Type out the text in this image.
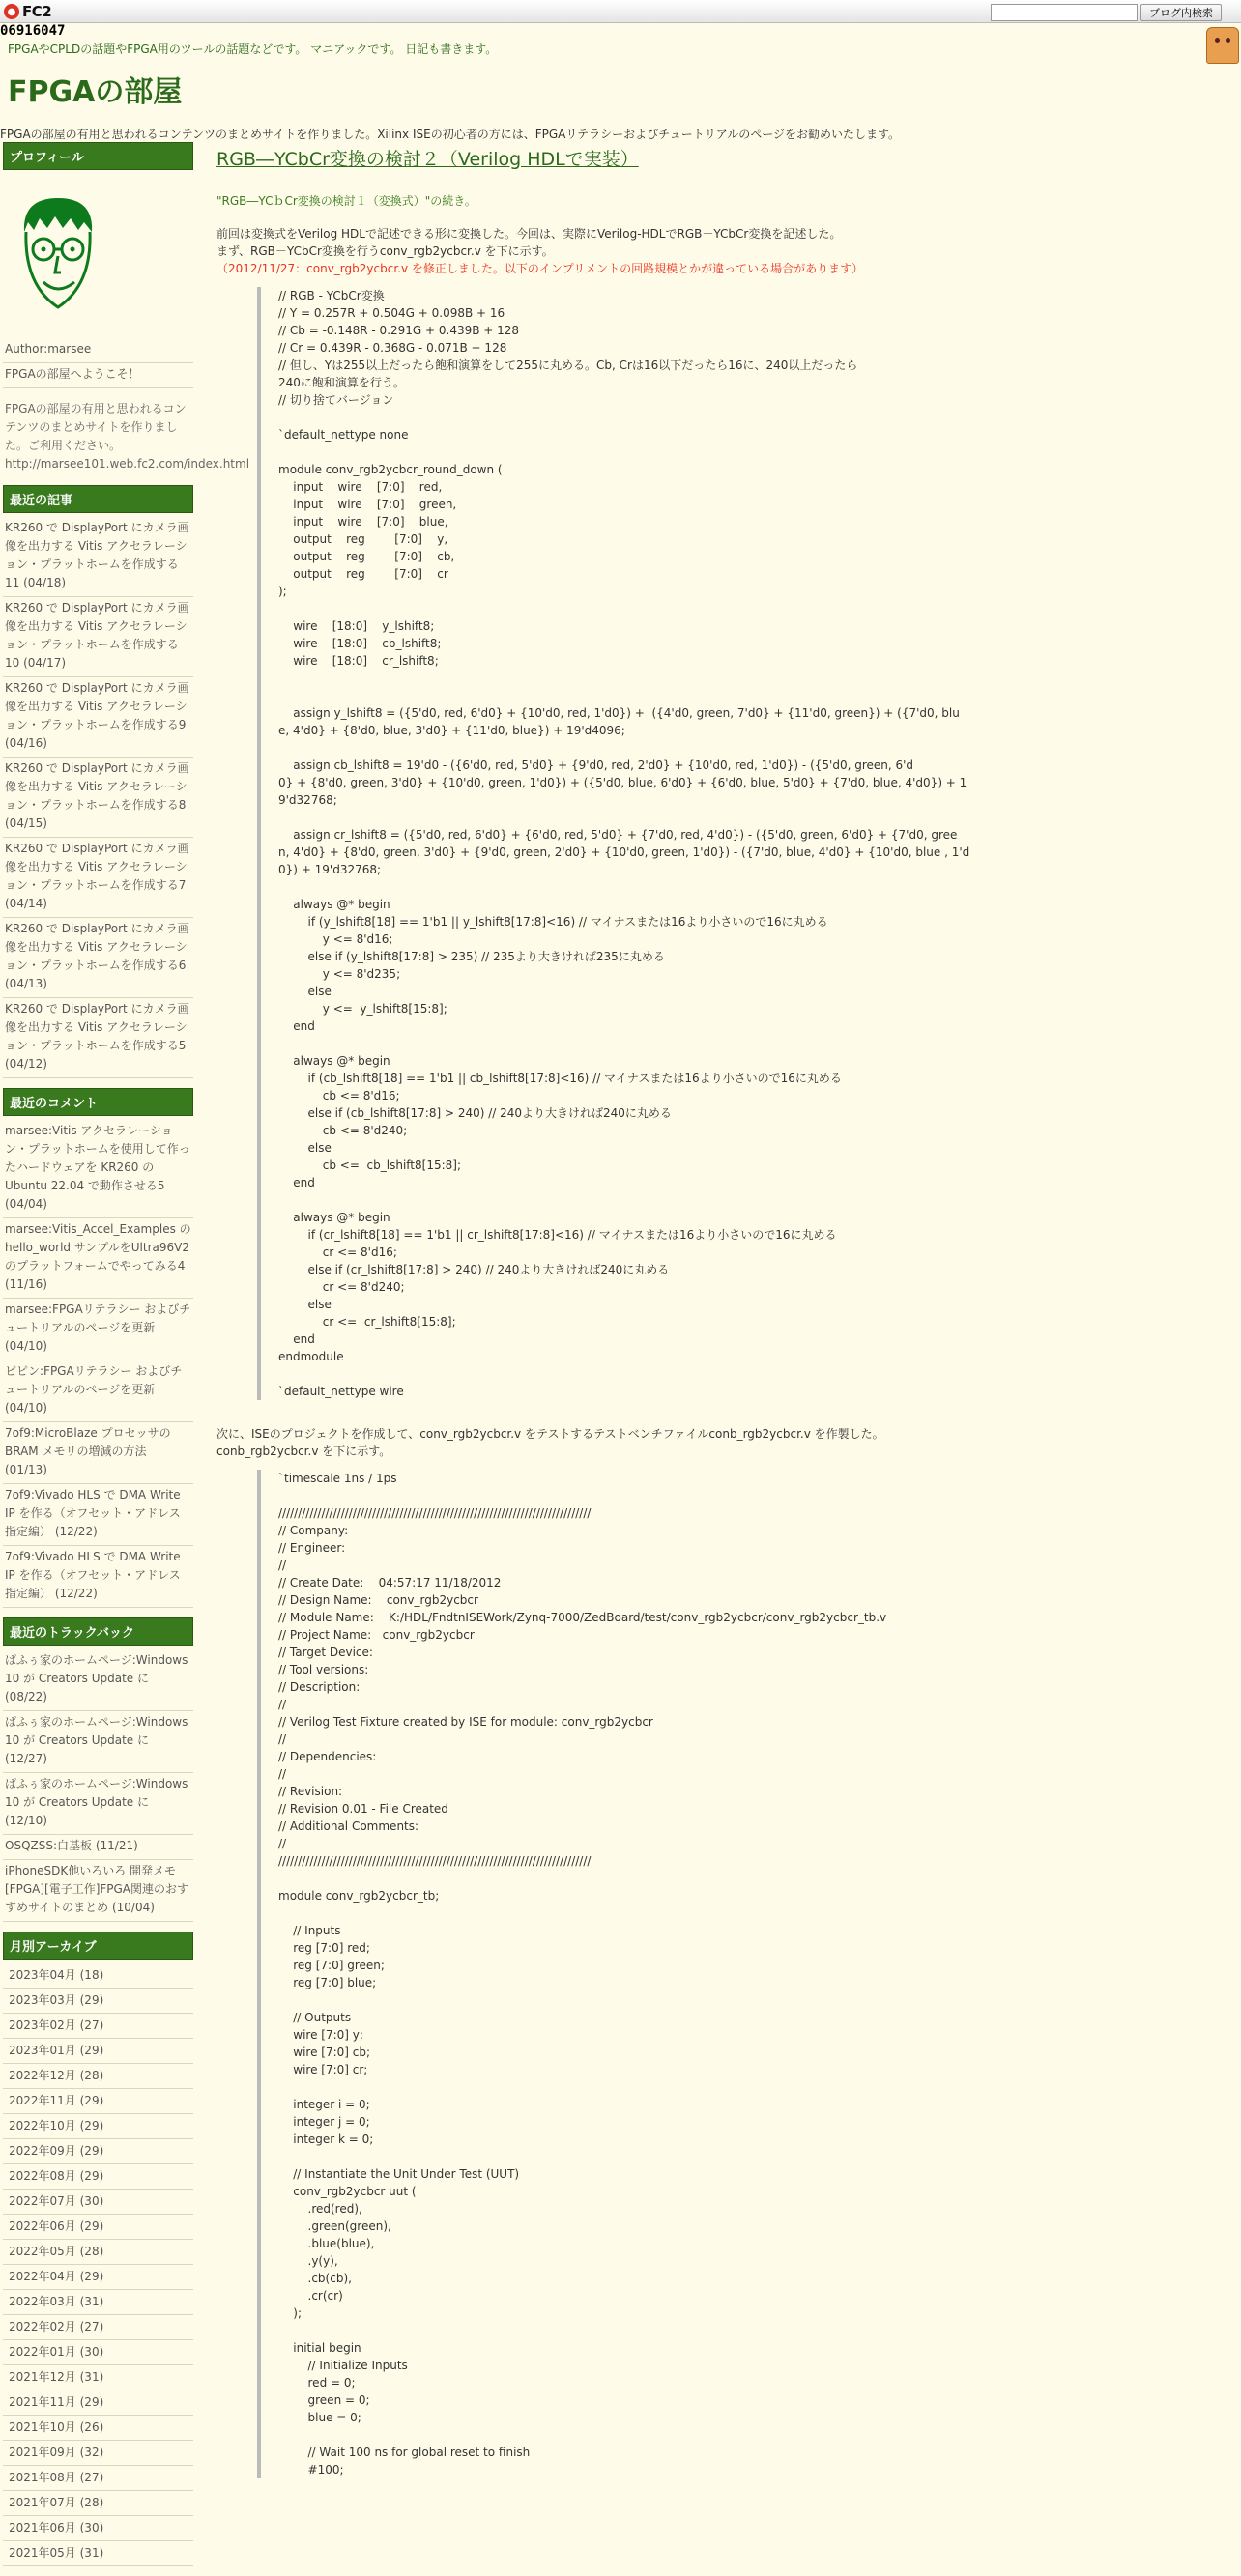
● FC2	ブログ内検索
06916047
FPGAやCPLDの話題やFPGA用のツールの話題などです。 マニアックです。 日記も書きます。
FPGAの部屋
FPGAの部屋の有用と思われるコンテンツのまとめサイトを作りました。Xilinx ISEの初心者の方には、FPGAリテラシーおよびチュートリアルのページをお勧めいたします。
プロフィール
Author:marsee
FPGAの部屋へようこそ！
FPGAの部屋の有用と思われるコンテンツのまとめサイトを作りました。ご利用ください。
http://marsee101.web.fc2.com/index.html
最近の記事
KR260 で DisplayPort にカメラ画像を出力する Vitis アクセラレーション・プラットホームを作成する11 (04/18)
KR260 で DisplayPort にカメラ画像を出力する Vitis アクセラレーション・プラットホームを作成する10 (04/17)
KR260 で DisplayPort にカメラ画像を出力する Vitis アクセラレーション・プラットホームを作成する9 (04/16)
KR260 で DisplayPort にカメラ画像を出力する Vitis アクセラレーション・プラットホームを作成する8 (04/15)
KR260 で DisplayPort にカメラ画像を出力する Vitis アクセラレーション・プラットホームを作成する7 (04/14)
KR260 で DisplayPort にカメラ画像を出力する Vitis アクセラレーション・プラットホームを作成する6 (04/13)
KR260 で DisplayPort にカメラ画像を出力する Vitis アクセラレーション・プラットホームを作成する5 (04/12)
最近のコメント
marsee:Vitis アクセラレーション・プラットホームを使用して作ったハードウェアを KR260 の Ubuntu 22.04 で動作させる5 (04/04)
marsee:Vitis_Accel_Examples の hello_world サンプルをUltra96V2 のプラットフォームでやってみる4 (11/16)
marsee:FPGAリテラシー およびチュートリアルのページを更新 (04/10)
ピピン:FPGAリテラシー およびチュートリアルのページを更新 (04/10)
7of9:MicroBlaze プロセッサの BRAM メモリの増減の方法 (01/13)
7of9:Vivado HLS で DMA Write IP を作る（オフセット・アドレス指定編） (12/22)
7of9:Vivado HLS で DMA Write IP を作る（オフセット・アドレス指定編） (12/22)
最近のトラックバック
ぱふぅ家のホームページ:Windows 10 が Creators Update に (08/22)
ぱふぅ家のホームページ:Windows 10 が Creators Update に (12/27)
ぱふぅ家のホームページ:Windows 10 が Creators Update に (12/10)
OSQZSS:白基板 (11/21)
iPhoneSDK他いろいろ 開発メモ[FPGA][電子工作]FPGA関連のおすすめサイトのまとめ (10/04)
月別アーカイブ
2023年04月 (18)
2023年03月 (29)
2023年02月 (27)
2023年01月 (29)
2022年12月 (28)
2022年11月 (29)
2022年10月 (29)
2022年09月 (29)
2022年08月 (29)
2022年07月 (30)
2022年06月 (29)
2022年05月 (28)
2022年04月 (29)
2022年03月 (31)
2022年02月 (27)
2022年01月 (30)
2021年12月 (31)
2021年11月 (29)
2021年10月 (26)
2021年09月 (32)
2021年08月 (27)
2021年07月 (28)
2021年06月 (30)
2021年05月 (31)
RGB―YCbCr変換の検討２（Verilog HDLで実装）
"RGB―YCｂCr変換の検討１（変換式）"の続き。
前回は変換式をVerilog HDLで記述できる形に変換した。今回は、実際にVerilog-HDLでRGB－YCbCr変換を記述した。
まず、RGB－YCbCr変換を行うconv_rgb2ycbcr.v を下に示す。
（2012/11/27：conv_rgb2ycbcr.v を修正しました。以下のインプリメントの回路規模とかが違っている場合があります）
// RGB - YCbCr変換
// Y = 0.257R + 0.504G + 0.098B + 16
// Cb = -0.148R - 0.291G + 0.439B + 128
// Cr = 0.439R - 0.368G - 0.071B + 128
// 但し、Yは255以上だったら飽和演算をして255に丸める。Cb, Crは16以下だったら16に、240以上だったら
240に飽和演算を行う。
// 切り捨てバージョン

`default_nettype none

module conv_rgb2ycbcr_round_down (
input    wire    [7:0]    red,
input    wire    [7:0]    green,
input    wire    [7:0]    blue,
output    reg        [7:0]    y,
output    reg        [7:0]    cb,
output    reg        [7:0]    cr
);

wire    [18:0]    y_lshift8;
wire    [18:0]    cb_lshift8;
wire    [18:0]    cr_lshift8;

assign y_lshift8 = ({5'd0, red, 6'd0} + {10'd0, red, 1'd0}) +  ({4'd0, green, 7'd0} + {11'd0, green}) + ({7'd0, blu
e, 4'd0} + {8'd0, blue, 3'd0} + {11'd0, blue}) + 19'd4096;

assign cb_lshift8 = 19'd0 - ({6'd0, red, 5'd0} + {9'd0, red, 2'd0} + {10'd0, red, 1'd0}) - ({5'd0, green, 6'd
0} + {8'd0, green, 3'd0} + {10'd0, green, 1'd0}) + ({5'd0, blue, 6'd0} + {6'd0, blue, 5'd0} + {7'd0, blue, 4'd0}) + 1
9'd32768;

assign cr_lshift8 = ({5'd0, red, 6'd0} + {6'd0, red, 5'd0} + {7'd0, red, 4'd0}) - ({5'd0, green, 6'd0} + {7'd0, gree
n, 4'd0} + {8'd0, green, 3'd0} + {9'd0, green, 2'd0} + {10'd0, green, 1'd0}) - ({7'd0, blue, 4'd0} + {10'd0, blue , 1'd
0}) + 19'd32768;

always @* begin
if (y_lshift8[18] == 1'b1 || y_lshift8[17:8]<16) // マイナスまたは16より小さいので16に丸める
y <= 8'd16;
else if (y_lshift8[17:8] > 235) // 235より大きければ235に丸める
y <= 8'd235;
else
y <=  y_lshift8[15:8];
end

always @* begin
if (cb_lshift8[18] == 1'b1 || cb_lshift8[17:8]<16) // マイナスまたは16より小さいので16に丸める
cb <= 8'd16;
else if (cb_lshift8[17:8] > 240) // 240より大きければ240に丸める
cb <= 8'd240;
else
cb <=  cb_lshift8[15:8];
end

always @* begin
if (cr_lshift8[18] == 1'b1 || cr_lshift8[17:8]<16) // マイナスまたは16より小さいので16に丸める
cr <= 8'd16;
else if (cr_lshift8[17:8] > 240) // 240より大きければ240に丸める
cr <= 8'd240;
else
cr <=  cr_lshift8[15:8];
end
endmodule

`default_nettype wire
次に、ISEのプロジェクトを作成して、conv_rgb2ycbcr.v をテストするテストベンチファイルconb_rgb2ycbcr.v を作製した。
conb_rgb2ycbcr.v を下に示す。
`timescale 1ns / 1ps

////////////////////////////////////////////////////////////////////////////////
// Company:
// Engineer:
//
// Create Date:    04:57:17 11/18/2012
// Design Name:    conv_rgb2ycbcr
// Module Name:    K:/HDL/FndtnISEWork/Zynq-7000/ZedBoard/test/conv_rgb2ycbcr/conv_rgb2ycbcr_tb.v
// Project Name:   conv_rgb2ycbcr
// Target Device:
// Tool versions:
// Description:
//
// Verilog Test Fixture created by ISE for module: conv_rgb2ycbcr
//
// Dependencies:
//
// Revision:
// Revision 0.01 - File Created
// Additional Comments:
//
////////////////////////////////////////////////////////////////////////////////

module conv_rgb2ycbcr_tb;

// Inputs
reg [7:0] red;
reg [7:0] green;
reg [7:0] blue;

// Outputs
wire [7:0] y;
wire [7:0] cb;
wire [7:0] cr;

integer i = 0;
integer j = 0;
integer k = 0;

// Instantiate the Unit Under Test (UUT)
conv_rgb2ycbcr uut (
.red(red),
.green(green),
.blue(blue),
.y(y),
.cb(cb),
.cr(cr)
);

initial begin
// Initialize Inputs
red = 0;
green = 0;
blue = 0;

// Wait 100 ns for global reset to finish
#100;
